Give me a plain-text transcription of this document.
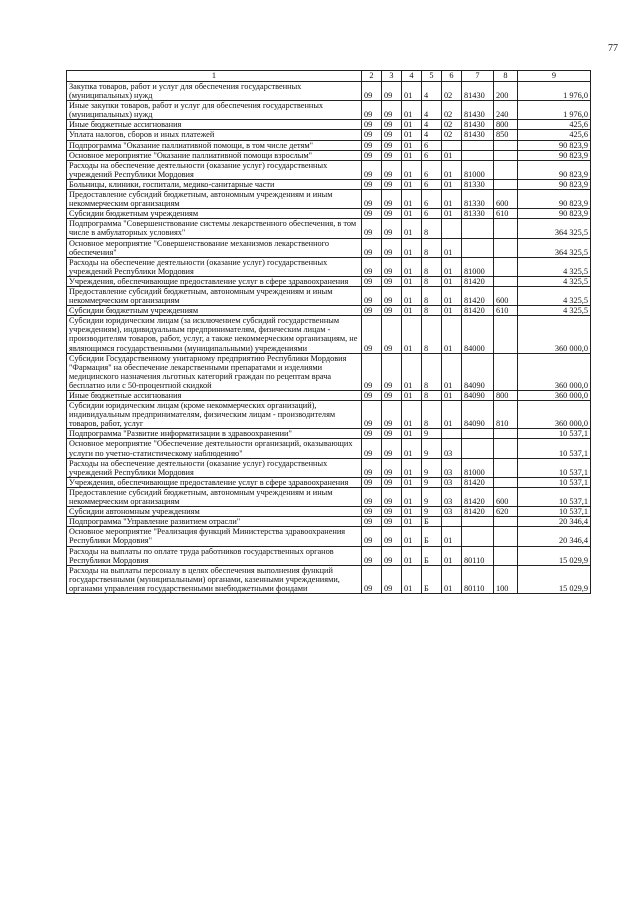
77
1	2	3	4	5	6	7	8	9
Закупка товаров, работ и услуг для обеспечения государственных (муниципальных) нужд	09	09	01	4	02	81430	200	1 976,0
Иные закупки товаров, работ и услуг для обеспечения государственных (муниципальных) нужд	09	09	01	4	02	81430	240	1 976,0
Иные бюджетные ассигнования	09	09	01	4	02	81430	800	425,6
Уплата налогов, сборов и иных платежей	09	09	01	4	02	81430	850	425,6
Подпрограмма "Оказание паллиативной помощи, в том числе детям"	09	09	01	6				90 823,9
Основное мероприятие "Оказание паллиативной помощи взрослым"	09	09	01	6	01			90 823,9
Расходы на обеспечение деятельности (оказание услуг) государственных учреждений Республики Мордовия	09	09	01	6	01	81000		90 823,9
Больницы, клиники, госпитали, медико-санитарные части	09	09	01	6	01	81330		90 823,9
Предоставление субсидий бюджетным, автономным учреждениям и иным некоммерческим организациям	09	09	01	6	01	81330	600	90 823,9
Субсидии бюджетным учреждениям	09	09	01	6	01	81330	610	90 823,9
Подпрограмма "Совершенствование системы лекарственного обеспечения, в том числе в амбулаторных условиях"	09	09	01	8				364 325,5
Основное мероприятие "Совершенствование механизмов лекарственного обеспечения"	09	09	01	8	01			364 325,5
Расходы на обеспечение деятельности (оказание услуг) государственных учреждений Республики Мордовия	09	09	01	8	01	81000		4 325,5
Учреждения, обеспечивающие предоставление услуг в сфере здравоохранения	09	09	01	8	01	81420		4 325,5
Предоставление субсидий бюджетным, автономным учреждениям и иным некоммерческим организациям	09	09	01	8	01	81420	600	4 325,5
Субсидии бюджетным учреждениям	09	09	01	8	01	81420	610	4 325,5
Субсидии юридическим лицам (за исключением субсидий государственным учреждениям), индивидуальным предпринимателям, физическим лицам - производителям товаров, работ, услуг, а также некоммерческим организациям, не являющимся государственными (муниципальными) учреждениями	09	09	01	8	01	84000		360 000,0
Субсидии Государственному унитарному предприятию Республики Мордовия "Фармация" на обеспечение лекарственными препаратами и изделиями медицинского назначения льготных категорий граждан по рецептам врача бесплатно или с 50-процентной скидкой	09	09	01	8	01	84090		360 000,0
Иные бюджетные ассигнования	09	09	01	8	01	84090	800	360 000,0
Субсидии юридическим лицам (кроме некоммерческих организаций), индивидуальным предпринимателям, физическим лицам - производителям товаров, работ, услуг	09	09	01	8	01	84090	810	360 000,0
Подпрограмма "Развитие информатизации в здравоохранении"	09	09	01	9				10 537,1
Основное мероприятие "Обеспечение деятельности организаций, оказывающих услуги по учетно-статистическому наблюдению"	09	09	01	9	03			10 537,1
Расходы на обеспечение деятельности (оказание услуг) государственных учреждений Республики Мордовия	09	09	01	9	03	81000		10 537,1
Учреждения, обеспечивающие предоставление услуг в сфере здравоохранения	09	09	01	9	03	81420		10 537,1
Предоставление субсидий бюджетным, автономным учреждениям и иным некоммерческим организациям	09	09	01	9	03	81420	600	10 537,1
Субсидии автономным учреждениям	09	09	01	9	03	81420	620	10 537,1
Подпрограмма "Управление развитием отрасли"	09	09	01	Б				20 346,4
Основное мероприятие "Реализация функций Министерства здравоохранения Республики Мордовия"	09	09	01	Б	01			20 346,4
Расходы на выплаты по оплате труда работников государственных органов Республики Мордовия	09	09	01	Б	01	80110		15 029,9
Расходы на выплаты персоналу в целях обеспечения выполнения функций государственными (муниципальными) органами, казенными учреждениями, органами управления государственными внебюджетными фондами	09	09	01	Б	01	80110	100	15 029,9
